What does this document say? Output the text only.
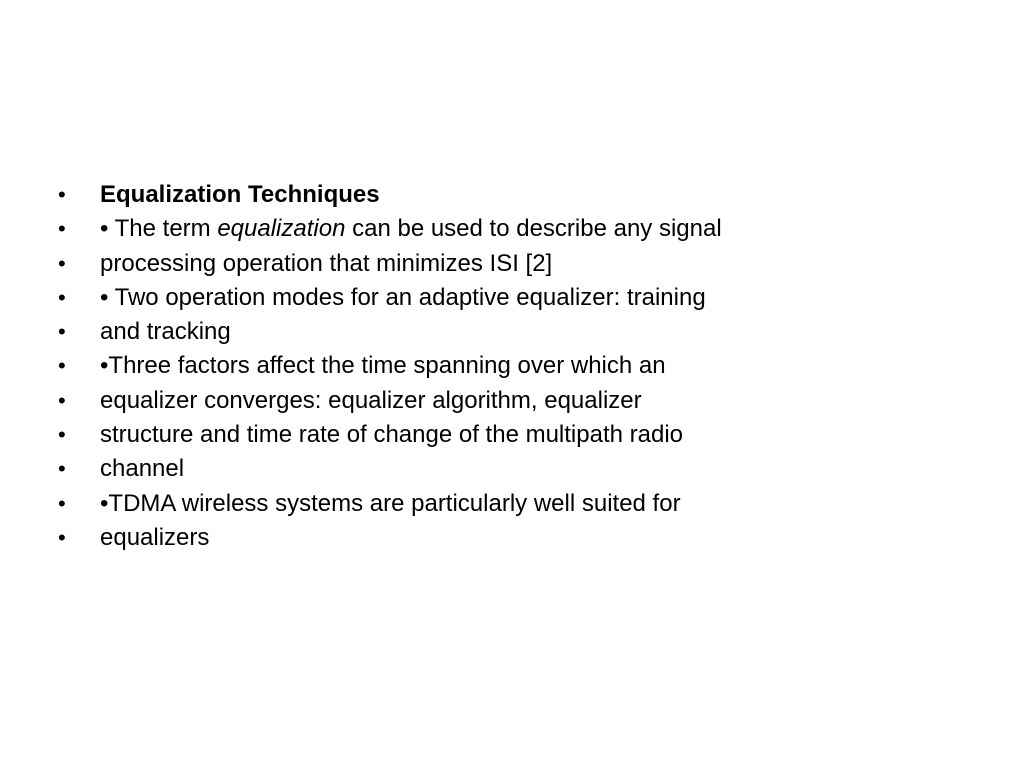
•	Equalization Techniques
•	• The term equalization can be used to describe any signal
•	processing operation that minimizes ISI [2]
•	• Two operation modes for an adaptive equalizer: training
•	and tracking
•	•Three factors affect the time spanning over which an
•	equalizer converges: equalizer algorithm, equalizer
•	structure and time rate of change of the multipath radio
•	channel
•	•TDMA wireless systems are particularly well suited for
•	equalizers
